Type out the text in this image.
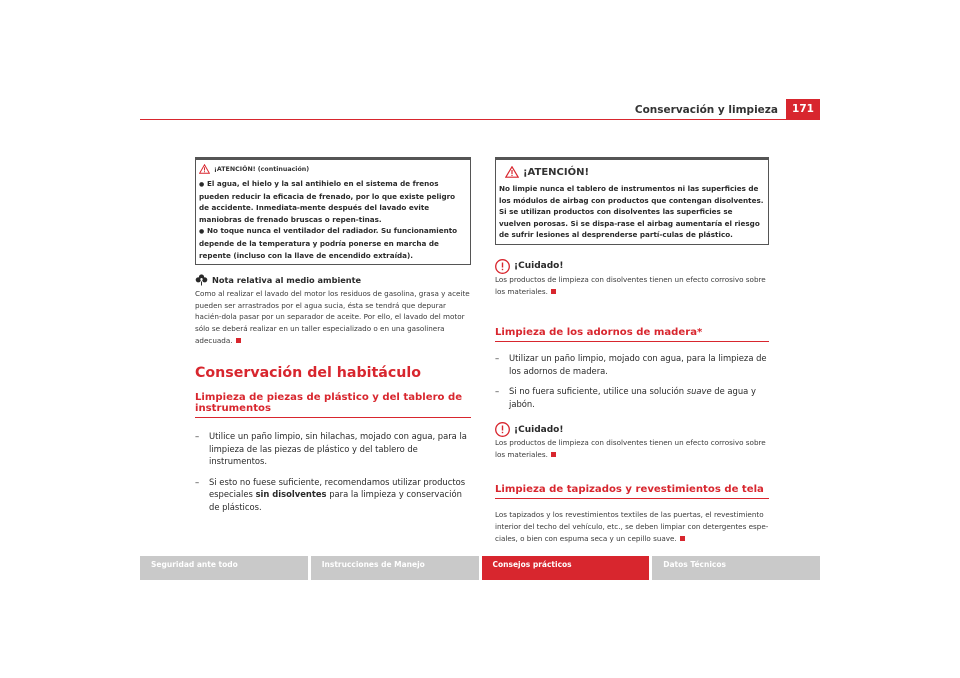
Conservación y limpieza	171
¡ATENCIÓN! (continuación)
● El agua, el hielo y la sal antihielo en el sistema de frenos pueden reducir la eficacia de frenado, por lo que existe peligro de accidente. Inmediata-mente después del lavado evite maniobras de frenado bruscas o repen-tinas.
● No toque nunca el ventilador del radiador. Su funcionamiento depende de la temperatura y podría ponerse en marcha de repente (incluso con la llave de encendido extraída).
Nota relativa al medio ambiente
Como al realizar el lavado del motor los residuos de gasolina, grasa y aceite pueden ser arrastrados por el agua sucia, ésta se tendrá que depurar hacién-dola pasar por un separador de aceite. Por ello, el lavado del motor sólo se deberá realizar en un taller especializado o en una gasolinera adecuada.
Conservación del habitáculo
Limpieza de piezas de plástico y del tablero de instrumentos
– Utilice un paño limpio, sin hilachas, mojado con agua, para la limpieza de las piezas de plástico y del tablero de instrumentos.
– Si esto no fuese suficiente, recomendamos utilizar productos especiales sin disolventes para la limpieza y conservación de plásticos.
¡ATENCIÓN!
No limpie nunca el tablero de instrumentos ni las superficies de los módulos de airbag con productos que contengan disolventes. Si se utilizan productos con disolventes las superficies se vuelven porosas. Si se dispa-rase el airbag aumentaría el riesgo de sufrir lesiones al desprenderse partí-culas de plástico.
¡Cuidado!
Los productos de limpieza con disolventes tienen un efecto corrosivo sobre los materiales.
Limpieza de los adornos de madera*
– Utilizar un paño limpio, mojado con agua, para la limpieza de los adornos de madera.
– Si no fuera suficiente, utilice una solución suave de agua y jabón.
¡Cuidado!
Los productos de limpieza con disolventes tienen un efecto corrosivo sobre los materiales.
Limpieza de tapizados y revestimientos de tela
Los tapizados y los revestimientos textiles de las puertas, el revestimiento interior del techo del vehículo, etc., se deben limpiar con detergentes espe-ciales, o bien con espuma seca y un cepillo suave.
Seguridad ante todo	Instrucciones de Manejo	Consejos prácticos	Datos Técnicos
